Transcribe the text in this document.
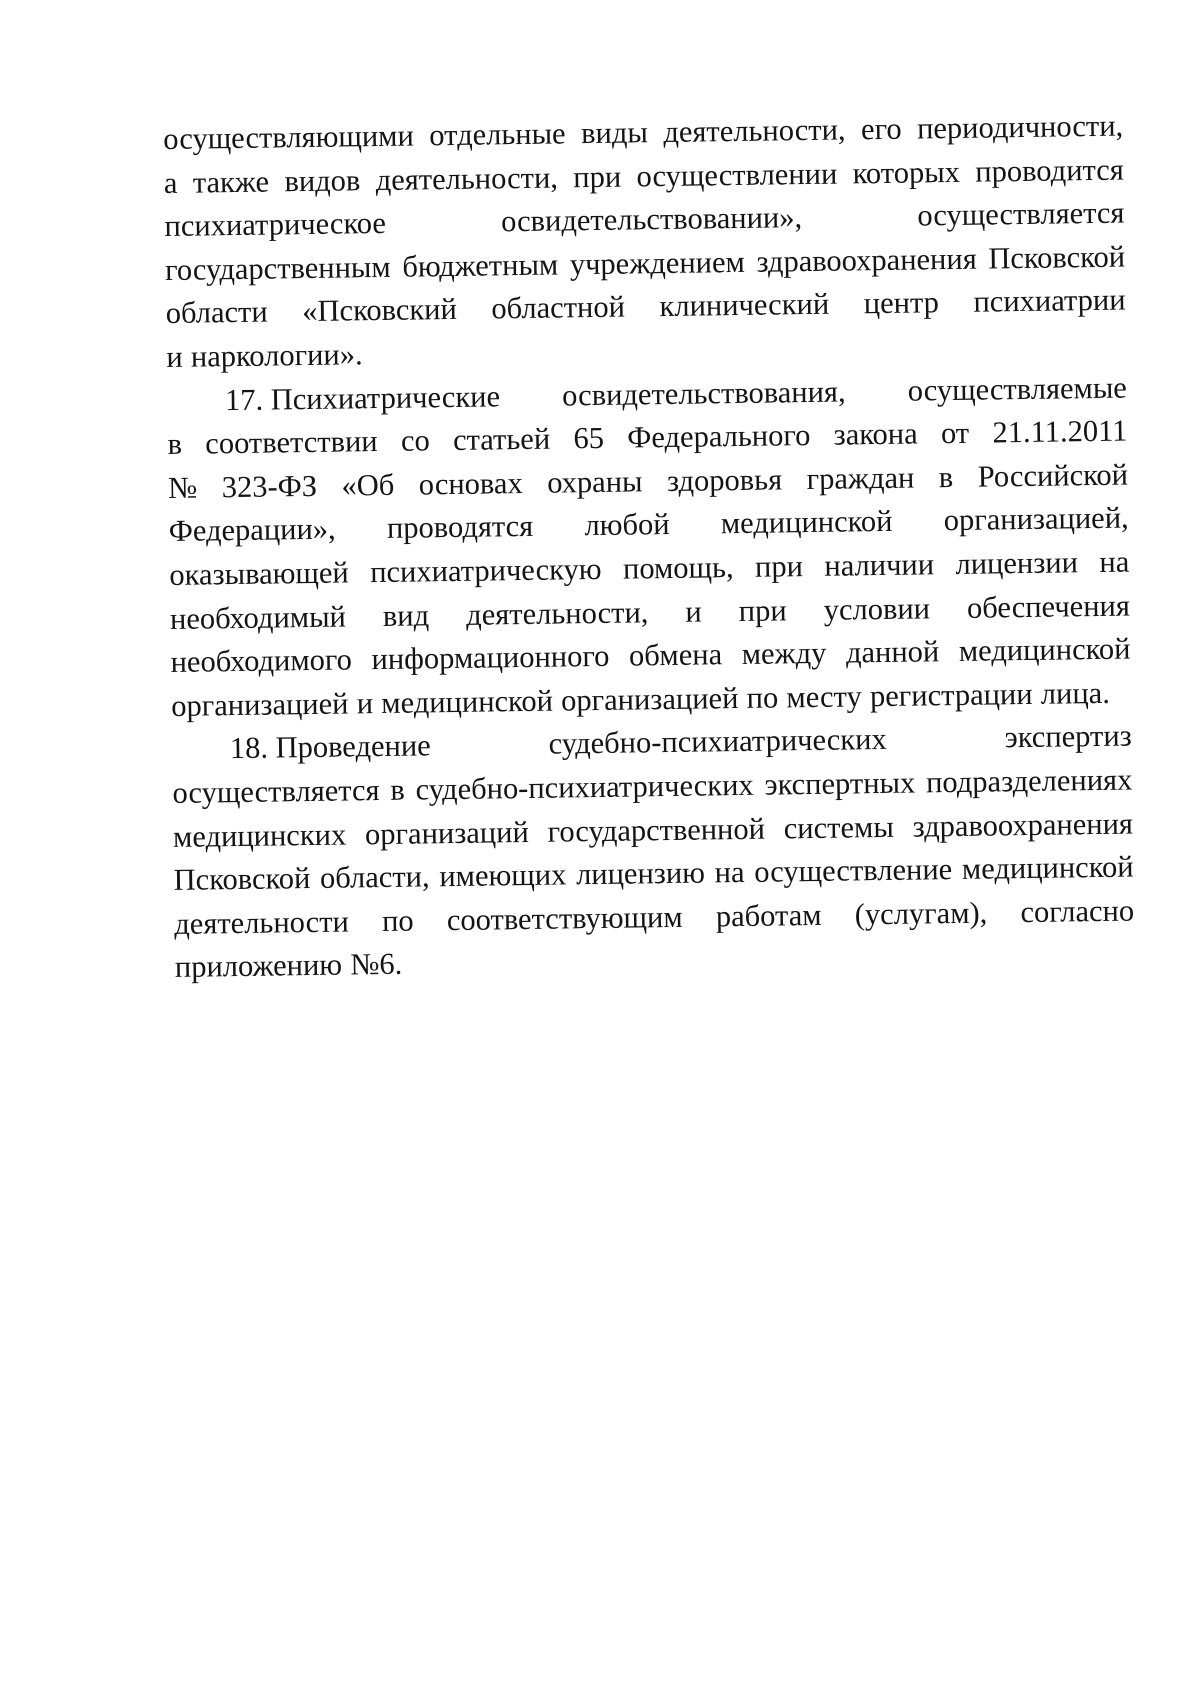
осуществляющими отдельные виды деятельности, его периодичности,
а также видов деятельности, при осуществлении которых проводится
психиатрическое	освидетельствовании»,	осуществляется
государственным бюджетным учреждением здравоохранения Псковской
области «Псковский областной клинический центр психиатрии
и наркологии».
17. Психиатрические освидетельствования, осуществляемые
в соответствии со статьей 65 Федерального закона от 21.11.2011
№ 323-ФЗ «Об основах охраны здоровья граждан в Российской
Федерации», проводятся любой медицинской организацией,
оказывающей психиатрическую помощь, при наличии лицензии на
необходимый вид деятельности, и при условии обеспечения
необходимого информационного обмена между данной медицинской
организацией и медицинской организацией по месту регистрации лица.
18. Проведение	судебно-психиатрических	экспертиз
осуществляется в судебно-психиатрических экспертных подразделениях
медицинских организаций государственной системы здравоохранения
Псковской области, имеющих лицензию на осуществление медицинской
деятельности по соответствующим работам (услугам), согласно
приложению №6.
